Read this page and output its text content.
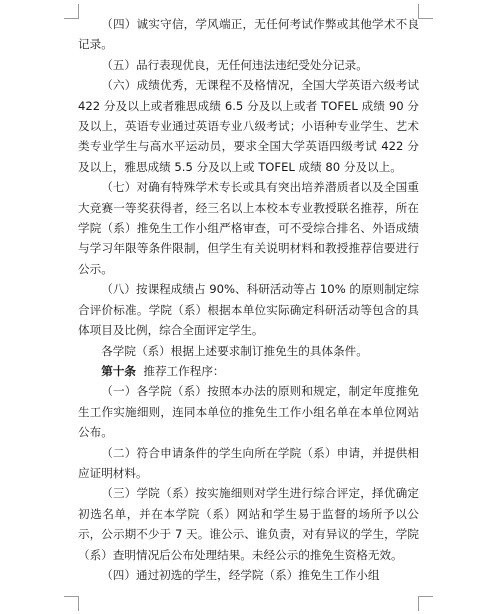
（四）诚实守信，学风端正，无任何考试作弊或其他学术不良记录。

（五）品行表现优良，无任何违法违纪受处分记录。

（六）成绩优秀，无课程不及格情况，全国大学英语六级考试 422 分及以上或者雅思成绩 6.5 分及以上或者 TOFEL 成绩 90 分及以上，英语专业通过英语专业八级考试；小语种专业学生、艺术类专业学生与高水平运动员，要求全国大学英语四级考试 422 分及以上，雅思成绩 5.5 分及以上或 TOFEL 成绩 80 分及以上。

（七）对确有特殊学术专长或具有突出培养潜质者以及全国重大竞赛一等奖获得者，经三名以上本校本专业教授联名推荐，所在学院（系）推免生工作小组严格审查，可不受综合排名、外语成绩与学习年限等条件限制，但学生有关说明材料和教授推荐信要进行公示。

（八）按课程成绩占 90%、科研活动等占 10% 的原则制定综合评价标准。学院（系）根据本单位实际确定科研活动等包含的具体项目及比例，综合全面评定学生。

各学院（系）根据上述要求制订推免生的具体条件。

第十条 推荐工作程序：

（一）各学院（系）按照本办法的原则和规定，制定年度推免生工作实施细则，连同本单位的推免生工作小组名单在本单位网站公布。

（二）符合申请条件的学生向所在学院（系）申请，并提供相应证明材料。

（三）学院（系）按实施细则对学生进行综合评定，择优确定初选名单，并在本学院（系）网站和学生易于监督的场所予以公示，公示期不少于 7 天。谁公示、谁负责，对有异议的学生，学院（系）查明情况后公布处理结果。未经公示的推免生资格无效。

（四）通过初选的学生，经学院（系）推免生工作小组
